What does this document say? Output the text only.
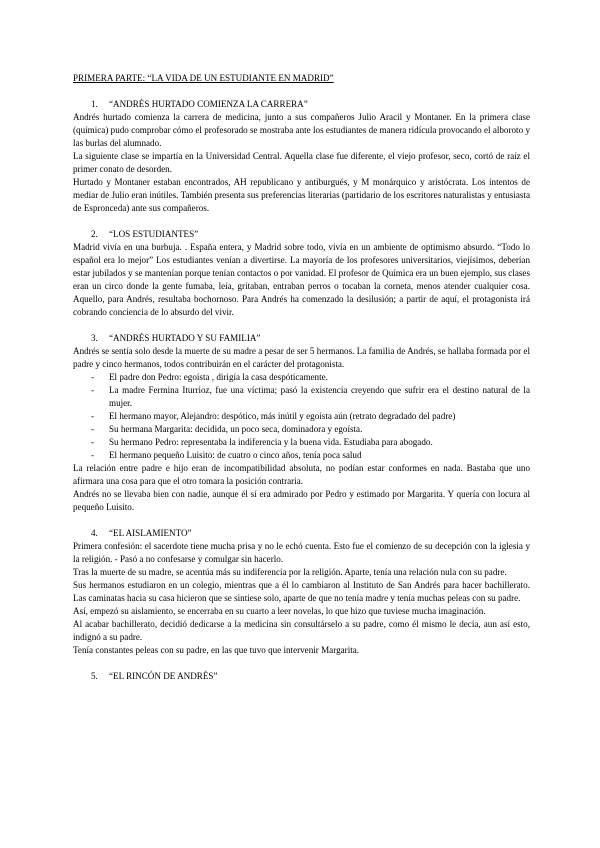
PRIMERA PARTE: “LA VIDA DE UN ESTUDIANTE EN MADRID”

1. “ANDRÉS HURTADO COMIENZA LA CARRERA”

Andrés hurtado comienza la carrera de medicina, junto a sus compañeros Julio Aracil y Montaner. En la primera clase (química) pudo comprobar cómo el profesorado se mostraba ante los estudiantes de manera ridícula provocando el alboroto y las burlas del alumnado.

La siguiente clase se impartía en la Universidad Central. Aquella clase fue diferente, el viejo profesor, seco, cortó de raíz el primer conato de desorden.

Hurtado y Montaner estaban encontrados, AH republicano y antiburgués, y M monárquico y aristócrata. Los intentos de mediar de Julio eran inútiles. También presenta sus preferencias literarias (partidario de los escritores naturalistas y entusiasta de Espronceda) ante sus compañeros.

2. “LOS ESTUDIANTES”

Madrid vivía en una burbuja. . España entera, y Madrid sobre todo, vivía en un ambiente de optimismo absurdo. “Todo lo español era lo mejor” Los estudiantes venían a divertirse. La mayoría de los profesores universitarios, viejísimos, deberían estar jubilados y se mantenían porque tenían contactos o por vanidad. El profesor de Química era un buen ejemplo, sus clases eran un circo donde la gente fumaba, leía, gritaban, entraban perros o tocaban la corneta, menos atender cualquier cosa. Aquello, para Andrés, resultaba bochornoso. Para Andrés ha comenzado la desilusión; a partir de aquí, el protagonista irá cobrando conciencia de lo absurdo del vivir.

3. “ANDRÉS HURTADO Y SU FAMILIA”

Andrés se sentía solo desde la muerte de su madre a pesar de ser 5 hermanos. La familia de Andrés, se hallaba formada por el padre y cinco hermanos, todos contribuirán en el carácter del protagonista.

- El padre don Pedro: egoísta , dirigía la casa despóticamente.
- La madre Fermina Iturrioz, fue una víctima; pasó la existencia creyendo que sufrir era el destino natural de la mujer.
- El hermano mayor, Alejandro: despótico, más inútil y egoísta aún (retrato degradado del padre)
- Su hermana Margarita: decidida, un poco seca, dominadora y egoísta.
- Su hermano Pedro: representaba la indiferencia y la buena vida. Estudiaba para abogado.
- El hermano pequeño Luisito: de cuatro o cinco años, tenía poca salud

La relación entre padre e hijo eran de incompatibilidad absoluta, no podían estar conformes en nada. Bastaba que uno afirmara una cosa para que el otro tomara la posición contraria.

Andrés no se llevaba bien con nadie, aunque él sí era admirado por Pedro y estimado por Margarita. Y quería con locura al pequeño Luisito.

4. “EL AISLAMIENTO”

Primera confesión: el sacerdote tiene mucha prisa y no le echó cuenta. Esto fue el comienzo de su decepción con la iglesia y la religión. - Pasó a no confesarse y comulgar sin hacerlo.

Tras la muerte de su madre, se acentúa más su indiferencia por la religión. Aparte, tenía una relación nula con su padre.

Sus hermanos estudiaron en un colegio, mientras que a él lo cambiaron al Instituto de San Andrés para hacer bachillerato. Las caminatas hacia su casa hicieron que se sintiese solo, aparte de que no tenía madre y tenía muchas peleas con su padre.

Así, empezó su aislamiento, se encerraba en su cuarto a leer novelas, lo que hizo que tuviese mucha imaginación.

Al acabar bachillerato, decidió dedicarse a la medicina sin consultárselo a su padre, como él mismo le decía, aun así esto, indignó a su padre.

Tenía constantes peleas con su padre, en las que tuvo que intervenir Margarita.

5. “EL RINCÓN DE ANDRÉS”
